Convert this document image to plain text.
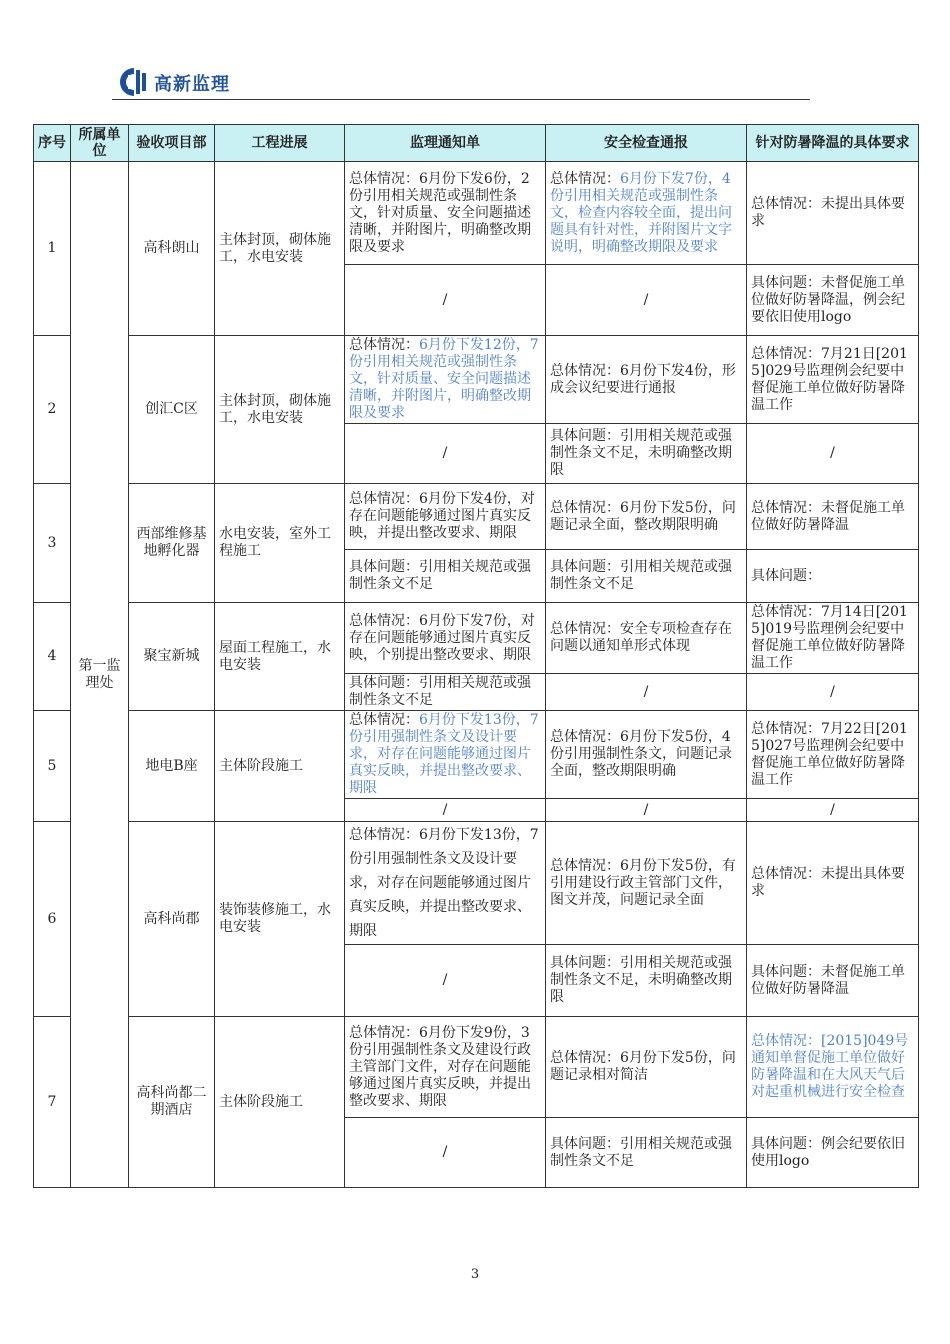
高新监理
序号	所属单位	验收项目部	工程进展	监理通知单	安全检查通报	针对防暑降温的具体要求
1	第一监理处	高科朗山	主体封顶，砌体施工，水电安装	总体情况：6月份下发6份，2份引用相关规范或强制性条文，针对质量、安全问题描述清晰，并附图片，明确整改期限及要求	总体情况：6月份下发7份，4份引用相关规范或强制性条文，检查内容较全面，提出问题具有针对性，并附图片文字说明，明确整改期限及要求	总体情况：未提出具体要求
				/	/	具体问题：未督促施工单位做好防暑降温，例会纪要依旧使用logo
2		创汇C区	主体封顶，砌体施工，水电安装	总体情况：6月份下发12份，7份引用相关规范或强制性条文，针对质量、安全问题描述清晰，并附图片，明确整改期限及要求	总体情况：6月份下发4份，形成会议纪要进行通报	总体情况：7月21日[2015]029号监理例会纪要中督促施工单位做好防暑降温工作
				/	具体问题：引用相关规范或强制性条文不足，未明确整改期限	/
3		西部维修基地孵化器	水电安装，室外工程施工	总体情况：6月份下发4份，对存在问题能够通过图片真实反映，并提出整改要求、期限	总体情况：6月份下发5份，问题记录全面，整改期限明确	总体情况：未督促施工单位做好防暑降温
				具体问题：引用相关规范或强制性条文不足	具体问题：引用相关规范或强制性条文不足	具体问题：
4		聚宝新城	屋面工程施工，水电安装	总体情况：6月份下发7份，对存在问题能够通过图片真实反映，个别提出整改要求、期限	总体情况：安全专项检查存在问题以通知单形式体现	总体情况：7月14日[2015]019号监理例会纪要中督促施工单位做好防暑降温工作
				具体问题：引用相关规范或强制性条文不足	/	/
5		地电B座	主体阶段施工	总体情况：6月份下发13份，7份引用强制性条文及设计要求，对存在问题能够通过图片真实反映，并提出整改要求、期限	总体情况：6月份下发5份，4份引用强制性条文，问题记录全面，整改期限明确	总体情况：7月22日[2015]027号监理例会纪要中督促施工单位做好防暑降温工作
				/	/	/
6		高科尚郡	装饰装修施工，水电安装	总体情况：6月份下发13份，7份引用强制性条文及设计要求，对存在问题能够通过图片真实反映，并提出整改要求、期限	总体情况：6月份下发5份，有引用建设行政主管部门文件，图文并茂，问题记录全面	总体情况：未提出具体要求
				/	具体问题：引用相关规范或强制性条文不足，未明确整改期限	具体问题：未督促施工单位做好防暑降温
7		高科尚都二期酒店	主体阶段施工	总体情况：6月份下发9份，3份引用强制性条文及建设行政主管部门文件，对存在问题能够通过图片真实反映，并提出整改要求、期限	总体情况：6月份下发5份，问题记录相对简洁	总体情况：[2015]049号通知单督促施工单位做好防暑降温和在大风天气后对起重机械进行安全检查
				/	具体问题：引用相关规范或强制性条文不足	具体问题：例会纪要依旧使用logo
3
